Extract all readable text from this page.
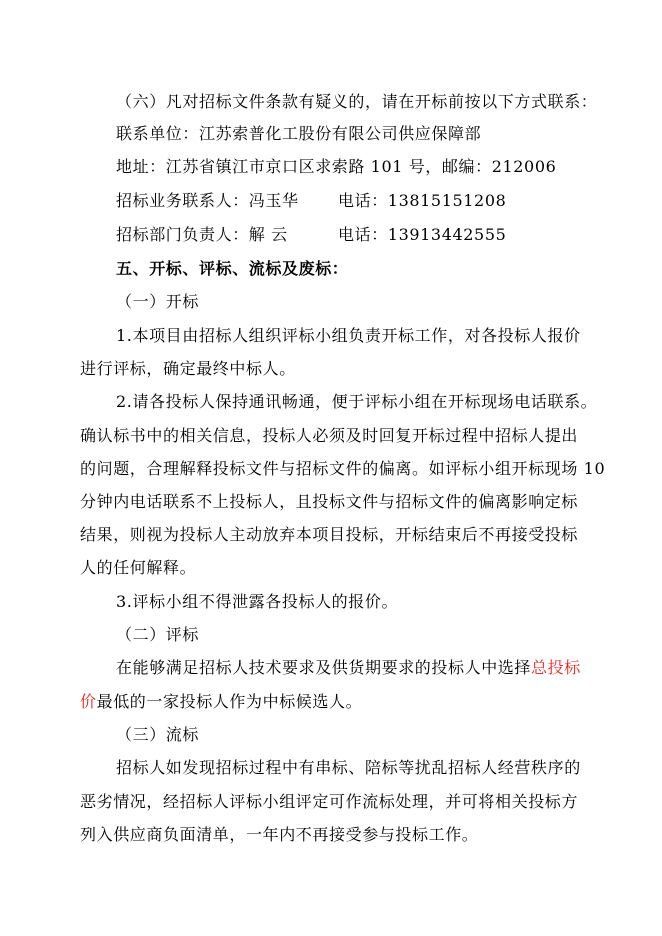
（六）凡对招标文件条款有疑义的，请在开标前按以下方式联系：
联系单位：江苏索普化工股份有限公司供应保障部
地址：江苏省镇江市京口区求索路 101 号，邮编：212006
招标业务联系人：冯玉华 电话：13815151208
招标部门负责人：解 云	电话：13913442555
五、开标、评标、流标及废标：
（一）开标
1.本项目由招标人组织评标小组负责开标工作，对各投标人报价
进行评标，确定最终中标人。
2.请各投标人保持通讯畅通，便于评标小组在开标现场电话联系。
确认标书中的相关信息，投标人必须及时回复开标过程中招标人提出
的问题，合理解释投标文件与招标文件的偏离。如评标小组开标现场 10
分钟内电话联系不上投标人，且投标文件与招标文件的偏离影响定标
结果，则视为投标人主动放弃本项目投标，开标结束后不再接受投标
人的任何解释。
3.评标小组不得泄露各投标人的报价。
（二）评标
在能够满足招标人技术要求及供货期要求的投标人中选择总投标
价最低的一家投标人作为中标候选人。
（三）流标
招标人如发现招标过程中有串标、陪标等扰乱招标人经营秩序的
恶劣情况，经招标人评标小组评定可作流标处理，并可将相关投标方
列入供应商负面清单，一年内不再接受参与投标工作。
